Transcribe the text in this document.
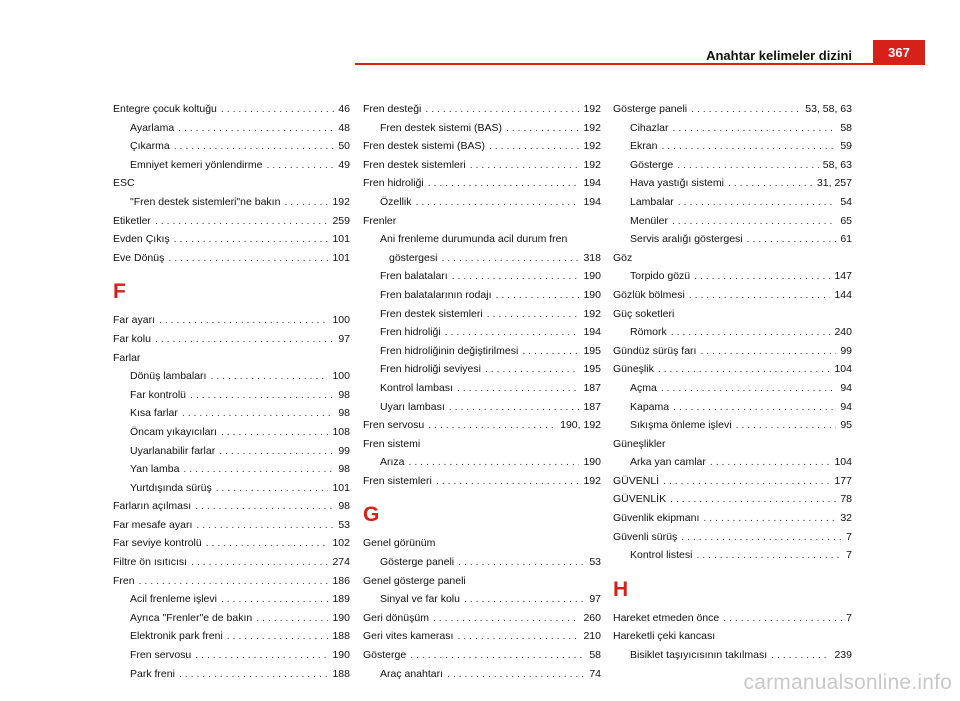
Anahtar kelimeler dizini	367
Entegre çocuk koltuğu . . .	46
Ayarlama . . .	48
Çıkarma . . .	50
Emniyet kemeri yönlendirme . . .	49
ESC
"Fren destek sistemleri"ne bakın . . .	192
Etiketler . . .	259
Evden Çıkış . . .	101
Eve Dönüş . . .	101
F
Far ayarı . . .	100
Far kolu . . .	97
Farlar
Dönüş lambaları . . .	100
Far kontrolü . . .	98
Kısa farlar . . .	98
Öncam yıkayıcıları . . .	108
Uyarlanabilir farlar . . .	99
Yan lamba . . .	98
Yurtdışında sürüş . . .	101
Farların açılması . . .	98
Far mesafe ayarı . . .	53
Far seviye kontrolü . . .	102
Filtre ön ısıtıcısı . . .	274
Fren . . .	186
Acil frenleme işlevi . . .	189
Ayrıca "Frenler"e de bakın . . .	190
Elektronik park freni . . .	188
Fren servosu . . .	190
Park freni . . .	188
Fren desteği . . .	192
Fren destek sistemi (BAS) . . .	192
Fren destek sistemi (BAS) . . .	192
Fren destek sistemleri . . .	192
Fren hidroliği . . .	194
Özellik . . .	194
Frenler
Ani frenleme durumunda acil durum fren
göstergesi . . .	318
Fren balataları . . .	190
Fren balatalarının rodajı . . .	190
Fren destek sistemleri . . .	192
Fren hidroliği . . .	194
Fren hidroliğinin değiştirilmesi . . .	195
Fren hidroliği seviyesi . . .	195
Kontrol lambası . . .	187
Uyarı lambası . . .	187
Fren servosu . . .	190, 192
Fren sistemi
Arıza . . .	190
Fren sistemleri . . .	192
G
Genel görünüm
Gösterge paneli . . .	53
Genel gösterge paneli
Sinyal ve far kolu . . .	97
Geri dönüşüm . . .	260
Geri vites kamerası . . .	210
Gösterge . . .	58
Araç anahtarı . . .	74
Gösterge paneli . . .	53, 58, 63
Cihazlar . . .	58
Ekran . . .	59
Gösterge . . .	58, 63
Hava yastığı sistemi . . .	31, 257
Lambalar . . .	54
Menüler . . .	65
Servis aralığı göstergesi . . .	61
Göz
Torpido gözü . . .	147
Gözlük bölmesi . . .	144
Güç soketleri
Römork . . .	240
Gündüz sürüş farı . . .	99
Güneşlik . . .	104
Açma . . .	94
Kapama . . .	94
Sıkışma önleme işlevi . . .	95
Güneşlikler
Arka yan camlar . . .	104
GÜVENLİ . . .	177
GÜVENLİK . . .	78
Güvenlik ekipmanı . . .	32
Güvenli sürüş . . .	7
Kontrol listesi . . .	7
H
Hareket etmeden önce . . .	7
Hareketli çeki kancası
Bisiklet taşıyıcısının takılması . . .	239
carmanualsonline.info
